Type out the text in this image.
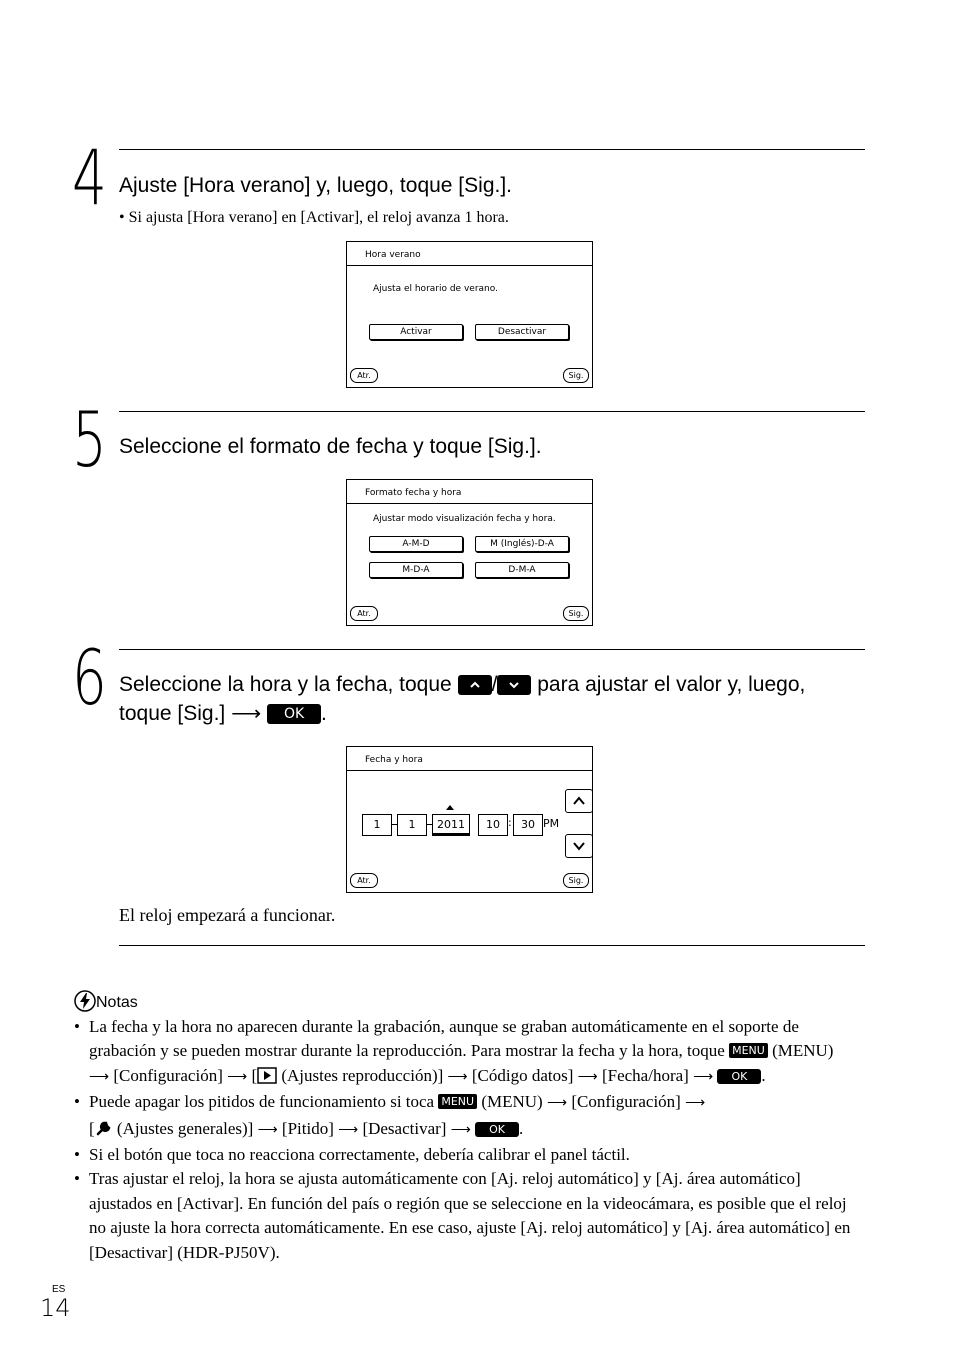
4 Ajuste [Hora verano] y, luego, toque [Sig.].
• Si ajusta [Hora verano] en [Activar], el reloj avanza 1 hora.
Hora verano
Ajusta el horario de verano.
Activar	Desactivar
Atr.	Sig.
5 Seleccione el formato de fecha y toque [Sig.].
Formato fecha y hora
Ajustar modo visualización fecha y hora.
A-M-D	M (Inglés)-D-A
M-D-A	D-M-A
Atr.	Sig.
6 Seleccione la hora y la fecha, toque / para ajustar el valor y, luego,
toque [Sig.] ⟶ OK .
Fecha y hora
1	1	2011	10 : 30 PM
Atr.	Sig.
El reloj empezará a funcionar.
Notas
• La fecha y la hora no aparecen durante la grabación, aunque se graban automáticamente en el soporte de grabación y se pueden mostrar durante la reproducción. Para mostrar la fecha y la hora, toque MENU (MENU)
⟶ [Configuración] ⟶ [ (Ajustes reproducción)] ⟶ [Código datos] ⟶ [Fecha/hora] ⟶ OK .
• Puede apagar los pitidos de funcionamiento si toca MENU (MENU) ⟶ [Configuración] ⟶
[ (Ajustes generales)] ⟶ [Pitido] ⟶ [Desactivar] ⟶ OK .
• Si el botón que toca no reacciona correctamente, debería calibrar el panel táctil.
• Tras ajustar el reloj, la hora se ajusta automáticamente con [Aj. reloj automático] y [Aj. área automático] ajustados en [Activar]. En función del país o región que se seleccione en la videocámara, es posible que el reloj no ajuste la hora correcta automáticamente. En ese caso, ajuste [Aj. reloj automático] y [Aj. área automático] en [Desactivar] (HDR-PJ50V).
ES
14
